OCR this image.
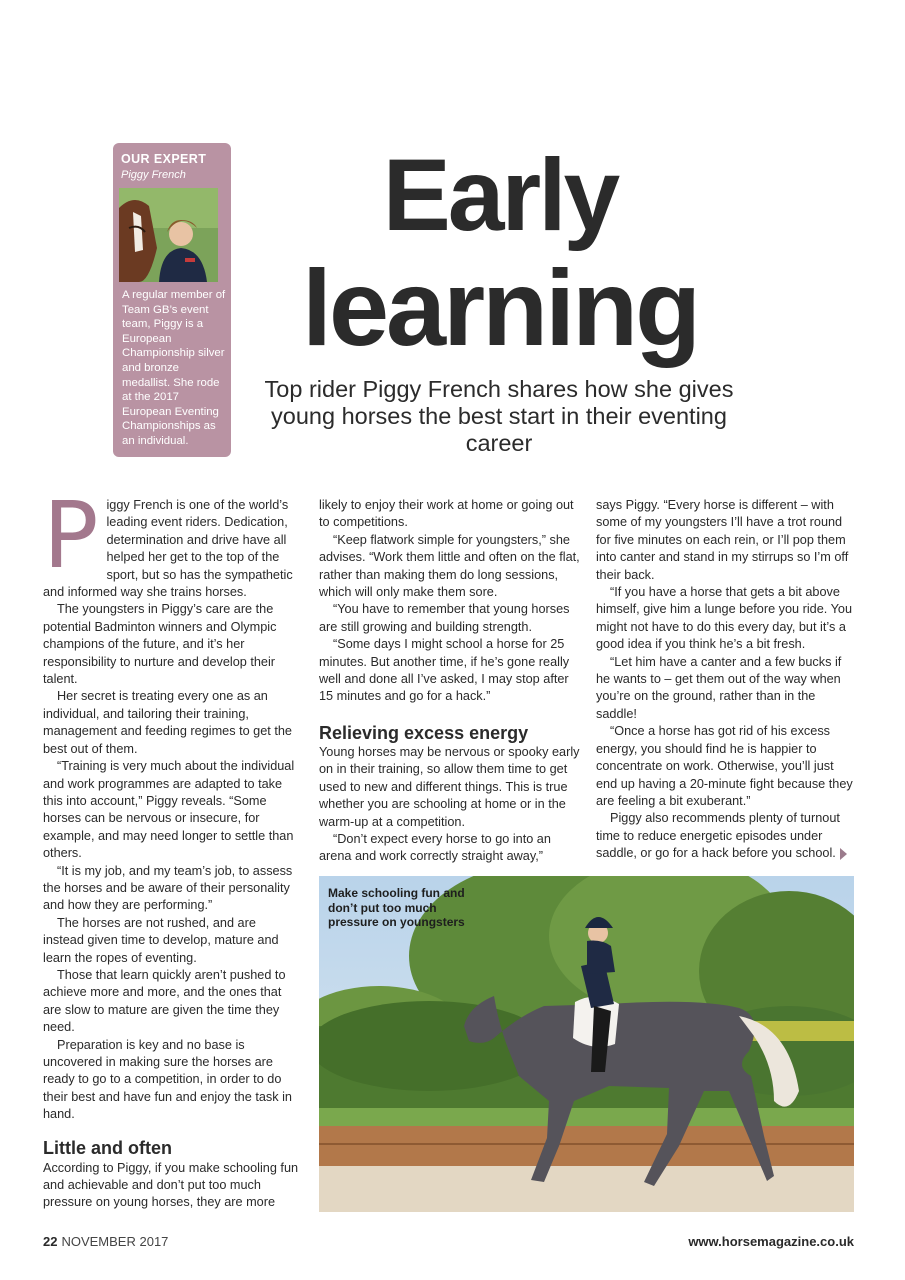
OUR EXPERT
Piggy French
A regular member of Team GB’s event team, Piggy is a European Championship silver and bronze medallist. She rode at the 2017 European Eventing Championships as an individual.
Early
learning
Top rider Piggy French shares how she gives young horses the best start in their eventing career
P iggy French is one of the world’s leading event riders. Dedication, determination and drive have all helped her get to the top of the sport, but so has the sympathetic and informed way she trains horses.

The youngsters in Piggy’s care are the potential Badminton winners and Olympic champions of the future, and it’s her responsibility to nurture and develop their talent.

Her secret is treating every one as an individual, and tailoring their training, management and feeding regimes to get the best out of them.

“Training is very much about the individual and work programmes are adapted to take this into account,” Piggy reveals. “Some horses can be nervous or insecure, for example, and may need longer to settle than others.

“It is my job, and my team’s job, to assess the horses and be aware of their personality and how they are performing.”

The horses are not rushed, and are instead given time to develop, mature and learn the ropes of eventing.

Those that learn quickly aren’t pushed to achieve more and more, and the ones that are slow to mature are given the time they need.

Preparation is key and no base is uncovered in making sure the horses are ready to go to a competition, in order to do their best and have fun and enjoy the task in hand.

Little and often

According to Piggy, if you make schooling fun and achievable and don’t put too much pressure on young horses, they are more

likely to enjoy their work at home or going out to competitions.

“Keep flatwork simple for youngsters,” she advises. “Work them little and often on the flat, rather than making them do long sessions, which will only make them sore.

“You have to remember that young horses are still growing and building strength.

“Some days I might school a horse for 25 minutes. But another time, if he’s gone really well and done all I’ve asked, I may stop after 15 minutes and go for a hack.”

Relieving excess energy

Young horses may be nervous or spooky early on in their training, so allow them time to get used to new and different things. This is true whether you are schooling at home or in the warm-up at a competition.

“Don’t expect every horse to go into an arena and work correctly straight away,”

says Piggy. “Every horse is different – with some of my youngsters I’ll have a trot round for five minutes on each rein, or I’ll pop them into canter and stand in my stirrups so I’m off their back.

“If you have a horse that gets a bit above himself, give him a lunge before you ride. You might not have to do this every day, but it’s a good idea if you think he’s a bit fresh.

“Let him have a canter and a few bucks if he wants to – get them out of the way when you’re on the ground, rather than in the saddle!

“Once a horse has got rid of his excess energy, you should find he is happier to concentrate on work. Otherwise, you’ll just end up having a 20-minute fight because they are feeling a bit exuberant.”

Piggy also recommends plenty of turnout time to reduce energetic episodes under saddle, or go for a hack before you school.

Make schooling fun and don’t put too much pressure on youngsters
22 NOVEMBER 2017	www.horsemagazine.co.uk
